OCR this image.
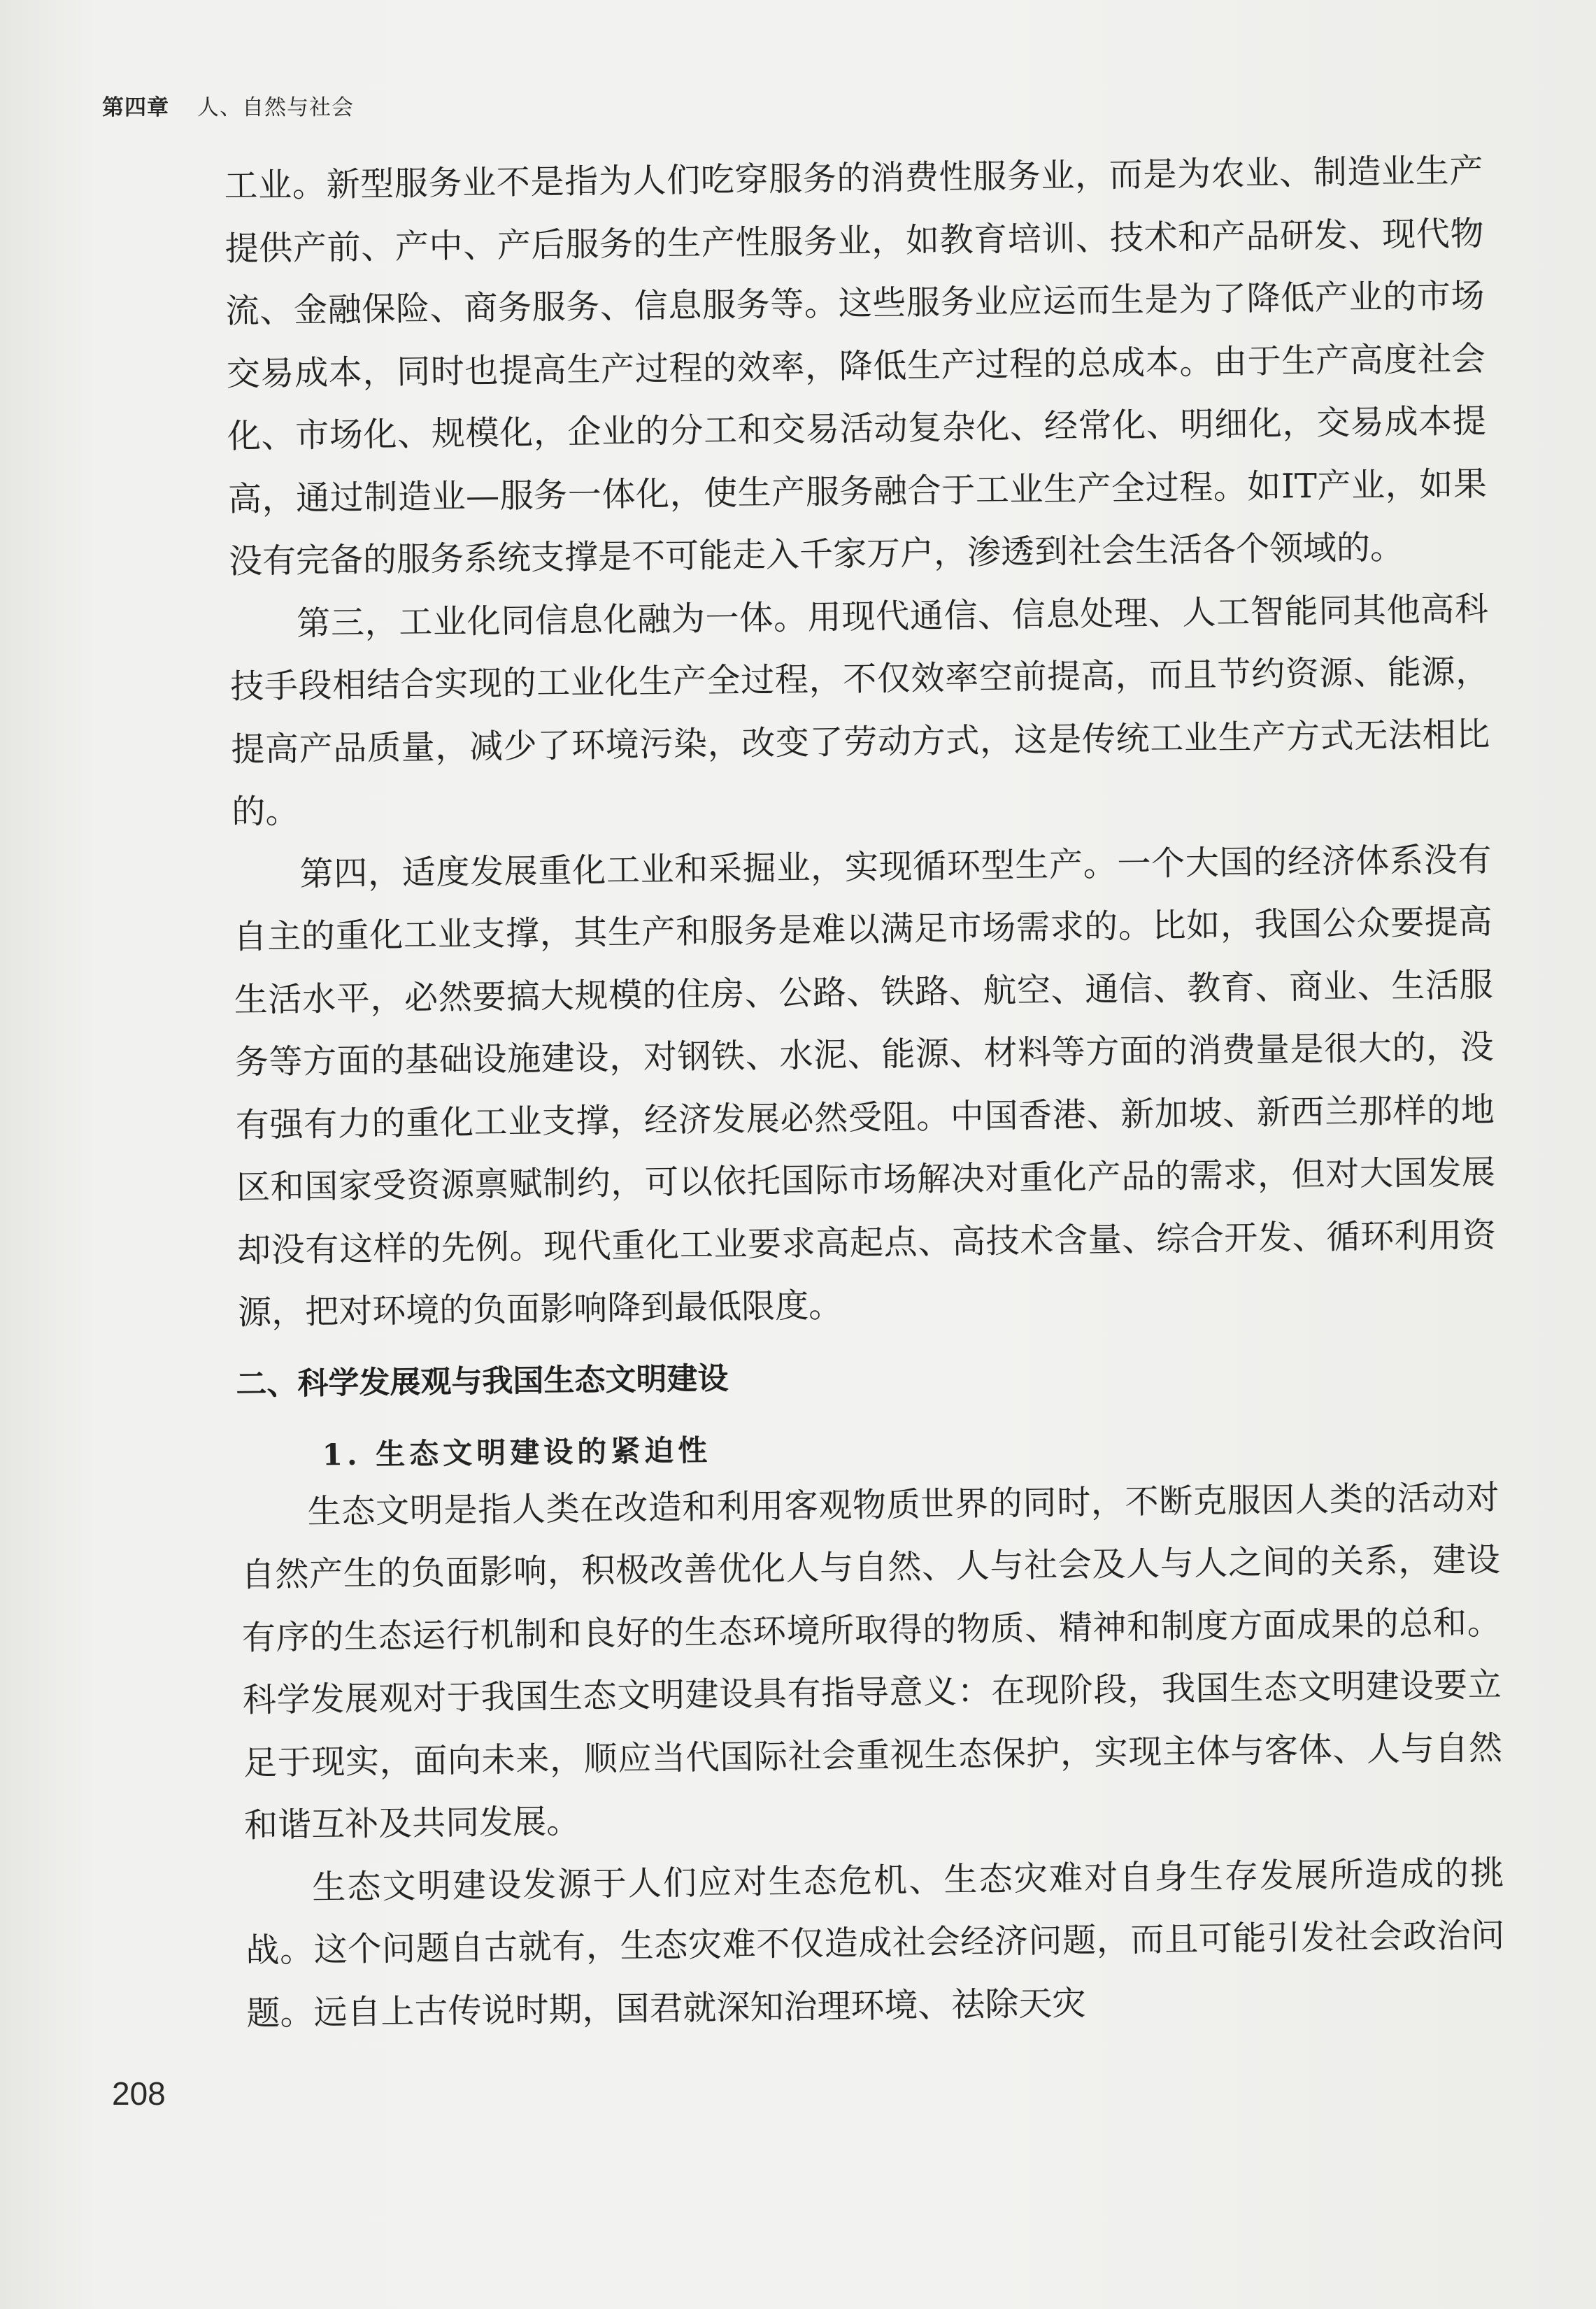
第四章 人、自然与社会

工业。新型服务业不是指为人们吃穿服务的消费性服务业，而是为农业、制造业生产提供产前、产中、产后服务的生产性服务业，如教育培训、技术和产品研发、现代物流、金融保险、商务服务、信息服务等。这些服务业应运而生是为了降低产业的市场交易成本，同时也提高生产过程的效率，降低生产过程的总成本。由于生产高度社会化、市场化、规模化，企业的分工和交易活动复杂化、经常化、明细化，交易成本提高，通过制造业—服务一体化，使生产服务融合于工业生产全过程。如IT产业，如果没有完备的服务系统支撑是不可能走入千家万户，渗透到社会生活各个领域的。

第三，工业化同信息化融为一体。用现代通信、信息处理、人工智能同其他高科技手段相结合实现的工业化生产全过程，不仅效率空前提高，而且节约资源、能源，提高产品质量，减少了环境污染，改变了劳动方式，这是传统工业生产方式无法相比的。

第四，适度发展重化工业和采掘业，实现循环型生产。一个大国的经济体系没有自主的重化工业支撑，其生产和服务是难以满足市场需求的。比如，我国公众要提高生活水平，必然要搞大规模的住房、公路、铁路、航空、通信、教育、商业、生活服务等方面的基础设施建设，对钢铁、水泥、能源、材料等方面的消费量是很大的，没有强有力的重化工业支撑，经济发展必然受阻。中国香港、新加坡、新西兰那样的地区和国家受资源禀赋制约，可以依托国际市场解决对重化产品的需求，但对大国发展却没有这样的先例。现代重化工业要求高起点、高技术含量、综合开发、循环利用资源，把对环境的负面影响降到最低限度。

二、科学发展观与我国生态文明建设
1. 生态文明建设的紧迫性

生态文明是指人类在改造和利用客观物质世界的同时，不断克服因人类的活动对自然产生的负面影响，积极改善优化人与自然、人与社会及人与人之间的关系，建设有序的生态运行机制和良好的生态环境所取得的物质、精神和制度方面成果的总和。科学发展观对于我国生态文明建设具有指导意义：在现阶段，我国生态文明建设要立足于现实，面向未来，顺应当代国际社会重视生态保护，实现主体与客体、人与自然和谐互补及共同发展。

生态文明建设发源于人们应对生态危机、生态灾难对自身生存发展所造成的挑战。这个问题自古就有，生态灾难不仅造成社会经济问题，而且可能引发社会政治问题。远自上古传说时期，国君就深知治理环境、祛除天灾

208
